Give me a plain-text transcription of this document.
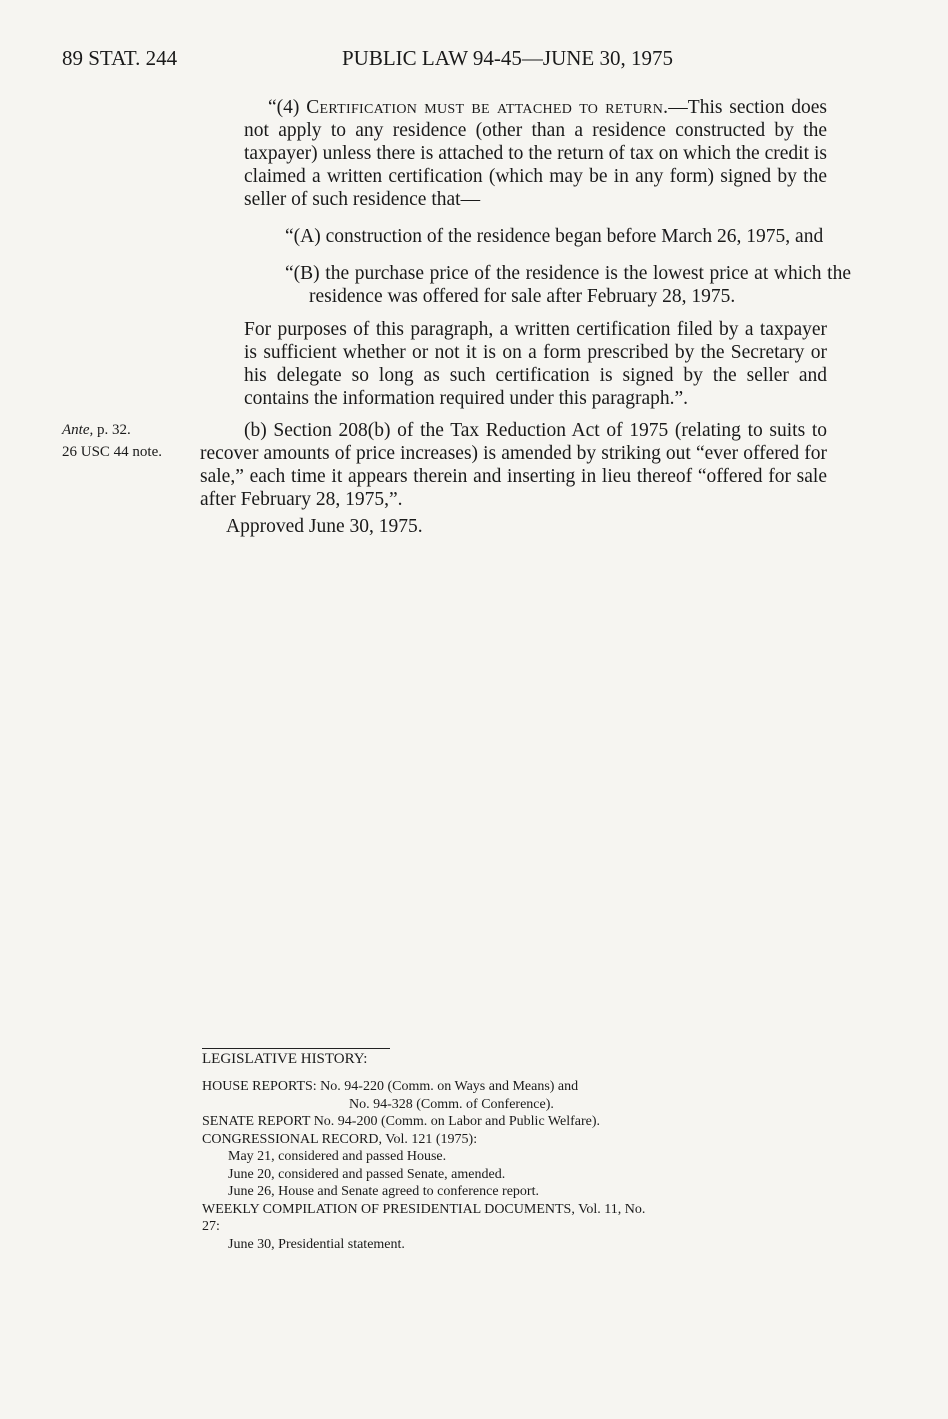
89 STAT. 244	PUBLIC LAW 94-45—JUNE 30, 1975

“(4) Certification must be attached to return.—This section does not apply to any residence (other than a residence constructed by the taxpayer) unless there is attached to the return of tax on which the credit is claimed a written certification (which may be in any form) signed by the seller of such residence that—

“(A) construction of the residence began before March 26, 1975, and

“(B) the purchase price of the residence is the lowest price at which the residence was offered for sale after February 28, 1975.

For purposes of this paragraph, a written certification filed by a taxpayer is sufficient whether or not it is on a form prescribed by the Secretary or his delegate so long as such certification is signed by the seller and contains the information required under this paragraph.”.

Ante, p. 32.
26 USC 44 note.

(b) Section 208(b) of the Tax Reduction Act of 1975 (relating to suits to recover amounts of price increases) is amended by striking out “ever offered for sale,” each time it appears therein and inserting in lieu thereof “offered for sale after February 28, 1975,”.

Approved June 30, 1975.
LEGISLATIVE HISTORY:
HOUSE REPORTS: No. 94-220 (Comm. on Ways and Means) and
No. 94-328 (Comm. of Conference).
SENATE REPORT No. 94-200 (Comm. on Labor and Public Welfare).
CONGRESSIONAL RECORD, Vol. 121 (1975):
May 21, considered and passed House.
June 20, considered and passed Senate, amended.
June 26, House and Senate agreed to conference report.
WEEKLY COMPILATION OF PRESIDENTIAL DOCUMENTS, Vol. 11, No. 27:
June 30, Presidential statement.
